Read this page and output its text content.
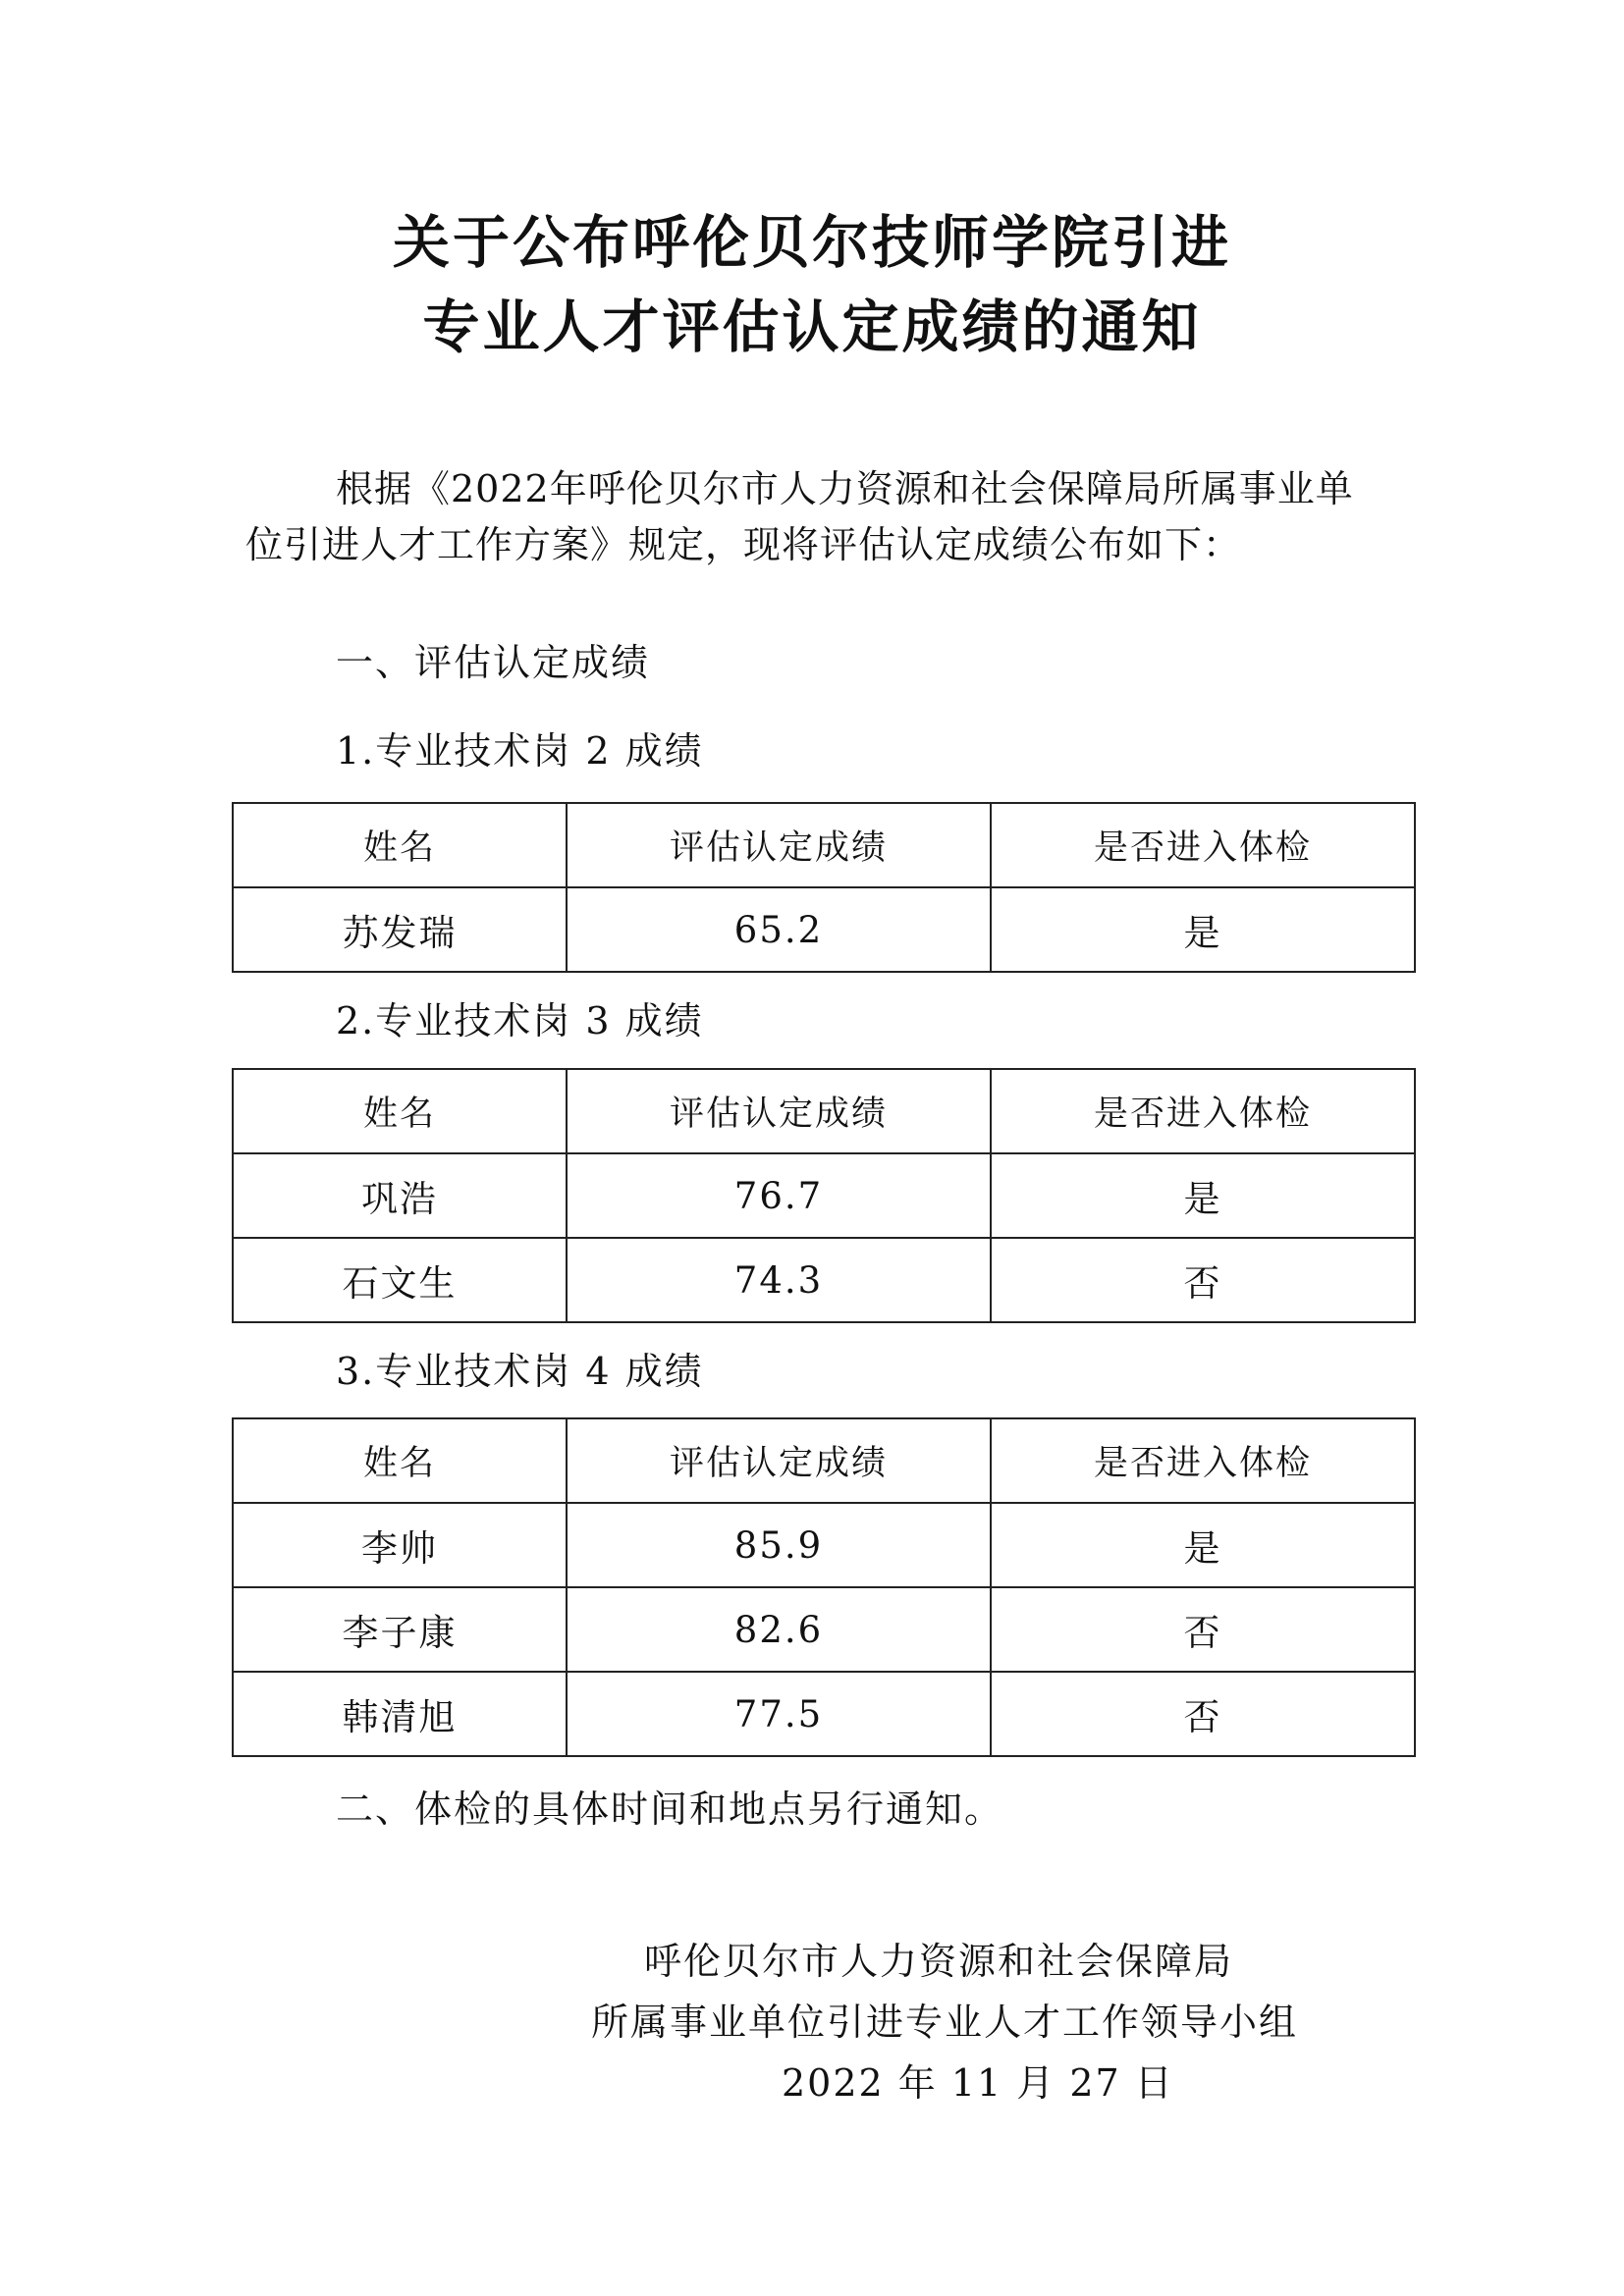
关于公布呼伦贝尔技师学院引进
专业人才评估认定成绩的通知
根据《2022年呼伦贝尔市人力资源和社会保障局所属事业单位引进人才工作方案》规定，现将评估认定成绩公布如下：
一、评估认定成绩
1.专业技术岗 2 成绩
姓名	评估认定成绩	是否进入体检
苏发瑞	65.2	是
2.专业技术岗 3 成绩
姓名	评估认定成绩	是否进入体检
巩浩	76.7	是
石文生	74.3	否
3.专业技术岗 4 成绩
姓名	评估认定成绩	是否进入体检
李帅	85.9	是
李子康	82.6	否
韩清旭	77.5	否
二、体检的具体时间和地点另行通知。
呼伦贝尔市人力资源和社会保障局
所属事业单位引进专业人才工作领导小组
2022 年 11 月 27 日
